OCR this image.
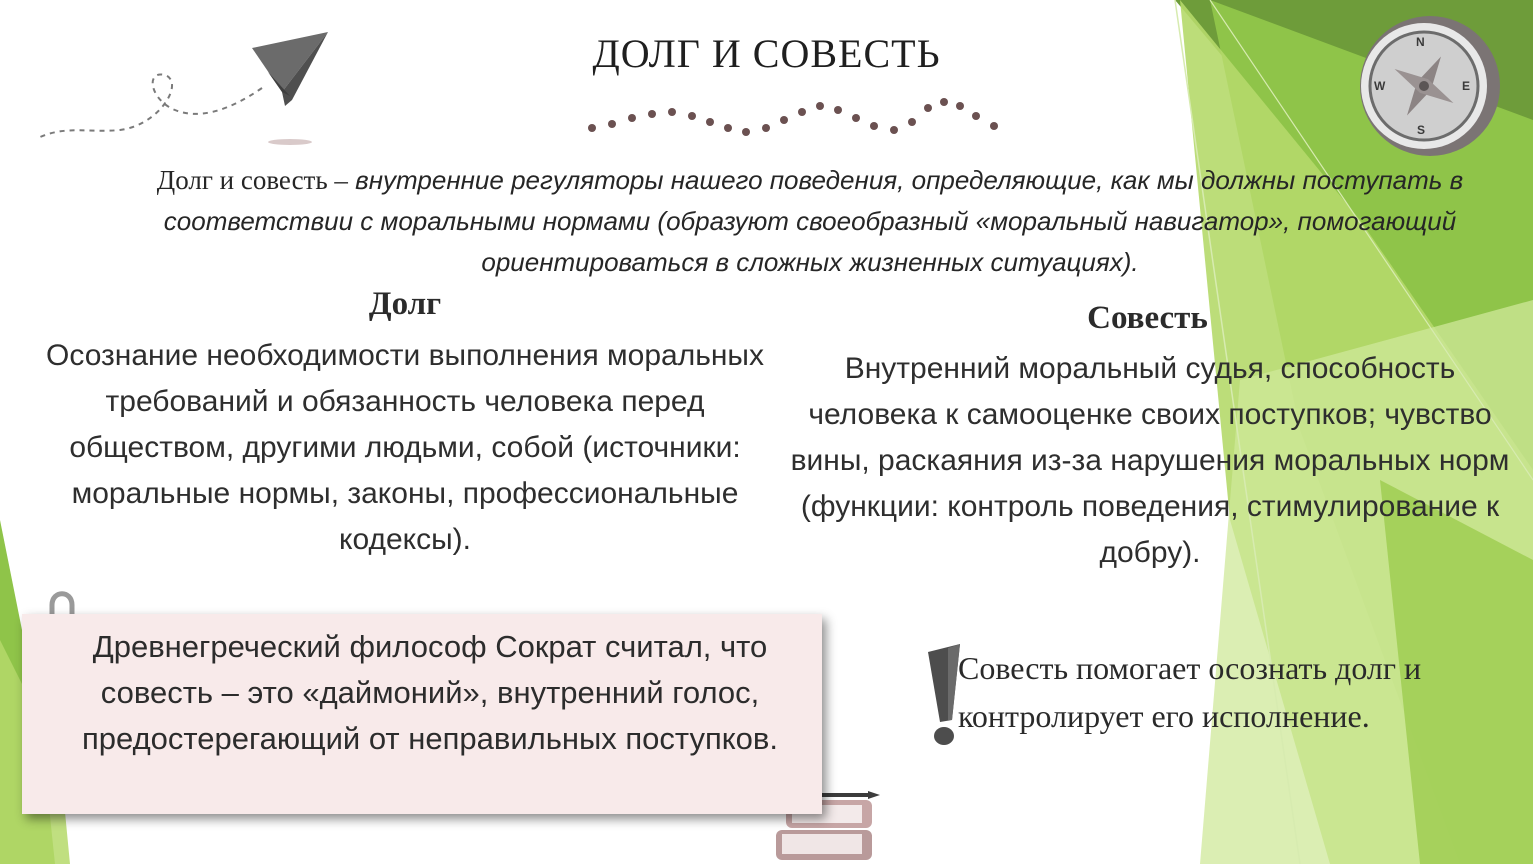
N
S
W	E
ДОЛГ И СОВЕСТЬ
Долг и совесть – внутренние регуляторы нашего поведения, определяющие, как мы должны поступать в соответствии с моральными нормами (образуют своеобразный «моральный навигатор», помогающий ориентироваться в сложных жизненных ситуациях).
Долг
Осознание необходимости выполнения моральных требований и обязанность человека перед обществом, другими людьми, собой (источники: моральные нормы, законы, профессиональные кодексы).
Совесть
Внутренний моральный судья, способность человека к самооценке своих поступков; чувство вины, раскаяния из-за нарушения моральных норм (функции: контроль поведения, стимулирование к добру).
Древнегреческий философ Сократ считал, что совесть – это «даймоний», внутренний голос, предостерегающий от неправильных поступков.
Совесть помогает осознать долг и контролирует его исполнение.
